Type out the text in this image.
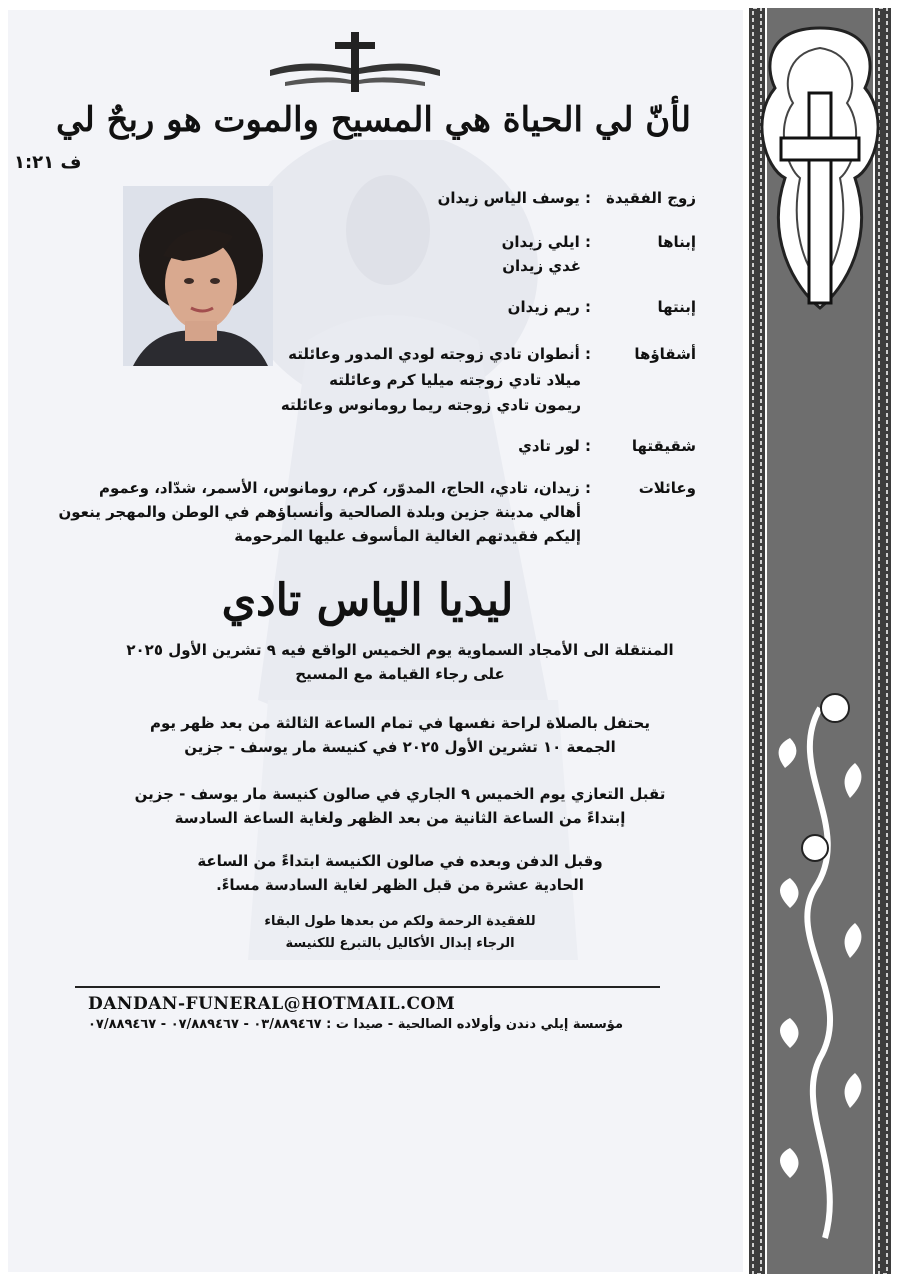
لأنّ لي الحياة هي المسيح والموت هو ربحٌ لي
ف ١:٢١
زوج الفقيدة
: يوسف الياس زيدان
إبناها
: ايلي زيدان
غدي زيدان
إبنتها
: ريم زيدان
أشقاؤها
: أنطوان تادي زوجته لودي المدور وعائلته
ميلاد تادي زوجته ميليا كرم وعائلته
ريمون تادي زوجته ريما رومانوس وعائلته
شقيقتها
: لور تادي
وعائلات
: زيدان، تادي، الحاج، المدوّر، كرم، رومانوس، الأسمر، شدّاد، وعموم
أهالي مدينة جزين وبلدة الصالحية وأنسباؤهم في الوطن والمهجر ينعون
إليكم فقيدتهم الغالية المأسوف عليها المرحومة
ليديا الياس تادي
المنتقلة الى الأمجاد السماوية يوم الخميس الواقع فيه ٩ تشرين الأول ٢٠٢٥
على رجاء القيامة مع المسيح
يحتفل بالصلاة لراحة نفسها في تمام الساعة الثالثة من بعد ظهر يوم
الجمعة ١٠ تشرين الأول ٢٠٢٥ في كنيسة مار يوسف - جزين
تقبل التعازي يوم الخميس ٩ الجاري في صالون كنيسة مار يوسف - جزين
إبتداءً من الساعة الثانية من بعد الظهر ولغاية الساعة السادسة
وقبل الدفن وبعده في صالون الكنيسة ابتداءً من الساعة
الحادية عشرة من قبل الظهر لغاية السادسة مساءً.
للفقيدة الرحمة ولكم من بعدها طول البقاء
الرجاء إبدال الأكاليل بالتبرع للكنيسة
DANDAN-FUNERAL@HOTMAIL.COM
مؤسسة إيلي دندن وأولاده الصالحية - صيدا ت : ٠٣/٨٨٩٤٦٧ - ٠٧/٨٨٩٤٦٧ - ٠٧/٨٨٩٤٦٧
